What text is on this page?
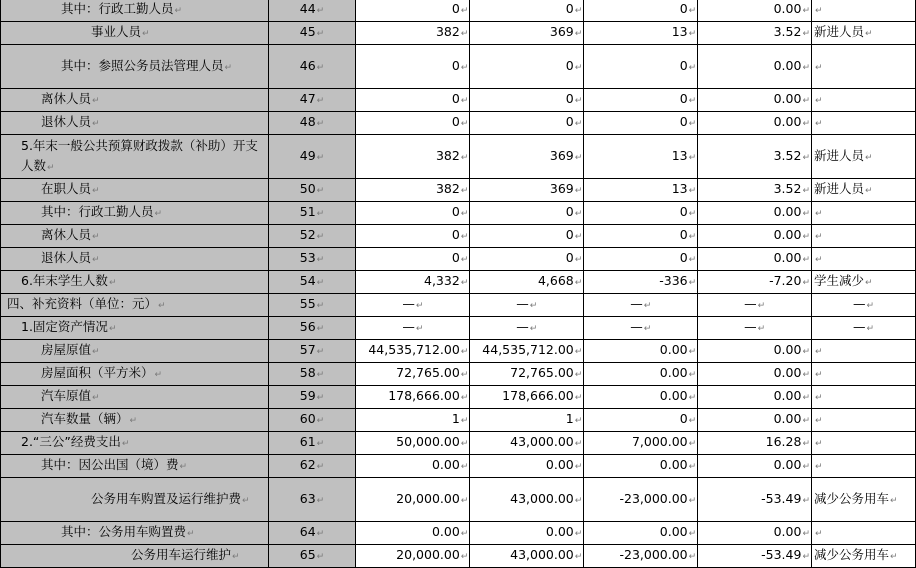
其中：行政工勤人员↵	44↵	0↵	0↵	0↵	0.00↵	↵
事业人员↵	45↵	382↵	369↵	13↵	3.52↵	新进人员↵
其中：参照公务员法管理人员↵	46↵	0↵	0↵	0↵	0.00↵	↵
离休人员↵	47↵	0↵	0↵	0↵	0.00↵	↵
退休人员↵	48↵	0↵	0↵	0↵	0.00↵	↵
5.年末一般公共预算财政拨款（补助）开支人数↵	49↵	382↵	369↵	13↵	3.52↵	新进人员↵
在职人员↵	50↵	382↵	369↵	13↵	3.52↵	新进人员↵
其中：行政工勤人员↵	51↵	0↵	0↵	0↵	0.00↵	↵
离休人员↵	52↵	0↵	0↵	0↵	0.00↵	↵
退休人员↵	53↵	0↵	0↵	0↵	0.00↵	↵
6.年末学生人数↵	54↵	4,332↵	4,668↵	-336↵	-7.20↵	学生减少↵
四、补充资料（单位：元）↵	55↵	—↵	—↵	—↵	—↵	—↵
1.固定资产情况↵	56↵	—↵	—↵	—↵	—↵	—↵
房屋原值↵	57↵	44,535,712.00↵	44,535,712.00↵	0.00↵	0.00↵	↵
房屋面积（平方米）↵	58↵	72,765.00↵	72,765.00↵	0.00↵	0.00↵	↵
汽车原值↵	59↵	178,666.00↵	178,666.00↵	0.00↵	0.00↵	↵
汽车数量（辆）↵	60↵	1↵	1↵	0↵	0.00↵	↵
2.“三公”经费支出↵	61↵	50,000.00↵	43,000.00↵	7,000.00↵	16.28↵	↵
其中：因公出国（境）费↵	62↵	0.00↵	0.00↵	0.00↵	0.00↵	↵
公务用车购置及运行维护费↵	63↵	20,000.00↵	43,000.00↵	-23,000.00↵	-53.49↵	减少公务用车↵
其中：公务用车购置费↵	64↵	0.00↵	0.00↵	0.00↵	0.00↵	↵
公务用车运行维护↵	65↵	20,000.00↵	43,000.00↵	-23,000.00↵	-53.49↵	减少公务用车↵
